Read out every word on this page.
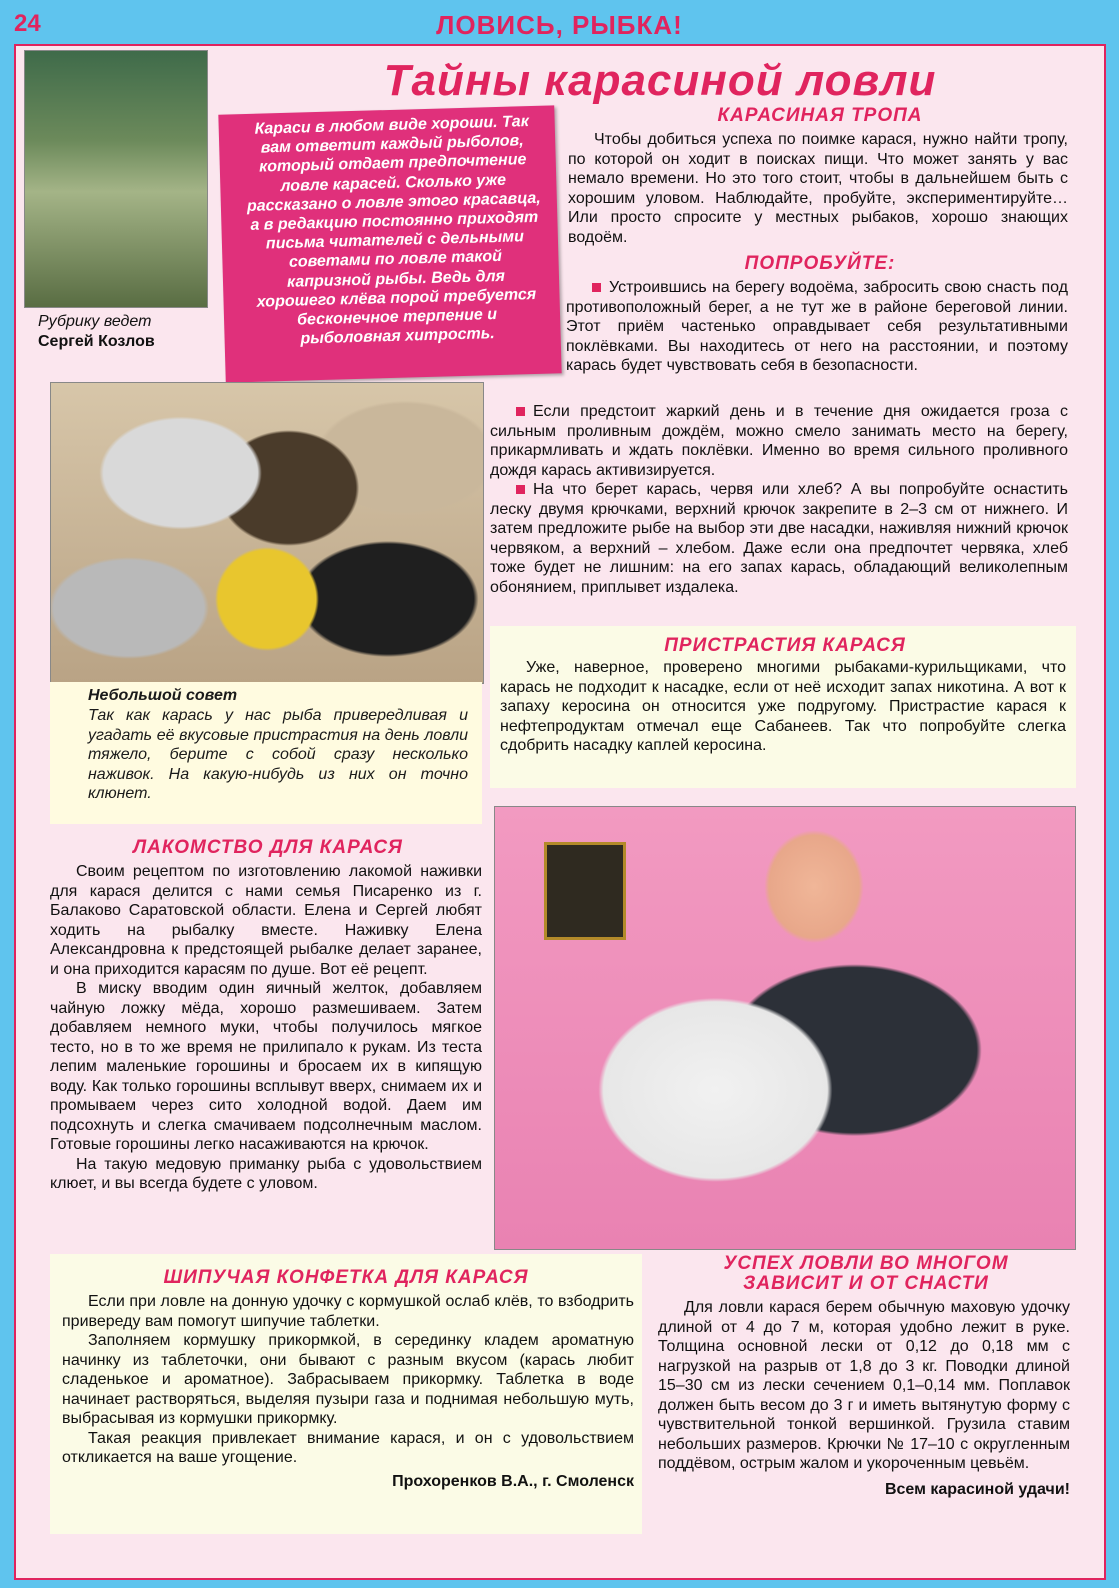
24	ЛОВИСЬ, РЫБКА!
Рубрику ведет
Сергей Козлов
Тайны карасиной ловли
Караси в любом виде хороши. Так вам ответит каждый рыболов, который отдает предпочтение ловле карасей. Сколько уже рассказано о ловле этого красавца, а в редакцию постоянно приходят письма читателей с дельными советами по ловле такой капризной рыбы. Ведь для хорошего клёва порой требуется бесконечное терпение и рыболовная хитрость.
КАРАСИНАЯ ТРОПА

Чтобы добиться успеха по поимке карася, нужно найти тропу, по которой он ходит в поисках пищи. Что может занять у вас немало времени. Но это того стоит, чтобы в дальнейшем быть с хорошим уловом. Наблюдайте, пробуйте, экспериментируйте… Или просто спросите у местных рыбаков, хорошо знающих водоём.

ПОПРОБУЙТЕ:

Устроившись на берегу водоёма, забросить свою снасть под противоположный берег, а не тут же в районе береговой линии. Этот приём частенько оправдывает себя результативными поклёвками. Вы находитесь от него на расстоянии, и поэтому карась будет чувствовать себя в безопасности.

Если предстоит жаркий день и в течение дня ожидается гроза с сильным проливным дождём, можно смело занимать место на берегу, прикармливать и ждать поклёвки. Именно во время сильного проливного дождя карась активизируется.

На что берет карась, червя или хлеб? А вы попробуйте оснастить леску двумя крючками, верхний крючок закрепите в 2–3 см от нижнего. И затем предложите рыбе на выбор эти две насадки, наживляя нижний крючок червяком, а верхний – хлебом. Даже если она предпочтет червяка, хлеб тоже будет не лишним: на его запах карась, обладающий великолепным обонянием, приплывет издалека.

Небольшой совет
Так как карась у нас рыба привередливая и угадать её вкусовые пристрастия на день ловли тяжело, берите с собой сразу несколько наживок. На какую-нибудь из них он точно клюнет.
ПРИСТРАСТИЯ КАРАСЯ

Уже, наверное, проверено многими рыбаками-курильщиками, что карась не подходит к насадке, если от неё исходит запах никотина. А вот к запаху керосина он относится уже подругому. Пристрастие карася к нефтепродуктам отмечал еще Сабанеев. Так что попробуйте слегка сдобрить насадку каплей керосина.

ЛАКОМСТВО ДЛЯ КАРАСЯ

Своим рецептом по изготовлению лакомой наживки для карася делится с нами семья Писаренко из г. Балаково Саратовской области. Елена и Сергей любят ходить на рыбалку вместе. Наживку Елена Александровна к предстоящей рыбалке делает заранее, и она приходится карасям по душе. Вот её рецепт.

В миску вводим один яичный желток, добавляем чайную ложку мёда, хорошо размешиваем. Затем добавляем немного муки, чтобы получилось мягкое тесто, но в то же время не прилипало к рукам. Из теста лепим маленькие горошины и бросаем их в кипящую воду. Как только горошины всплывут вверх, снимаем их и промываем через сито холодной водой. Даем им подсохнуть и слегка смачиваем подсолнечным маслом. Готовые горошины легко насаживаются на крючок.

На такую медовую приманку рыба с удовольствием клюет, и вы всегда будете с уловом.

ШИПУЧАЯ КОНФЕТКА ДЛЯ КАРАСЯ

Если при ловле на донную удочку с кормушкой ослаб клёв, то взбодрить привереду вам помогут шипучие таблетки.

Заполняем кормушку прикормкой, в серединку кладем ароматную начинку из таблеточки, они бывают с разным вкусом (карась любит сладенькое и ароматное). Забрасываем прикормку. Таблетка в воде начинает растворяться, выделяя пузыри газа и поднимая небольшую муть, выбрасывая из кормушки прикормку.

Такая реакция привлекает внимание карася, и он с удовольствием откликается на ваше угощение.

Прохоренков В.А., г. Смоленск
УСПЕХ ЛОВЛИ ВО МНОГОМ
ЗАВИСИТ И ОТ СНАСТИ

Для ловли карася берем обычную маховую удочку длиной от 4 до 7 м, которая удобно лежит в руке. Толщина основной лески от 0,12 до 0,18 мм с нагрузкой на разрыв от 1,8 до 3 кг. Поводки длиной 15–30 см из лески сечением 0,1–0,14 мм. Поплавок должен быть весом до 3 г и иметь вытянутую форму с чувствительной тонкой вершинкой. Грузила ставим небольших размеров. Крючки № 17–10 с округленным поддёвом, острым жалом и укороченным цевьём.

Всем карасиной удачи!
